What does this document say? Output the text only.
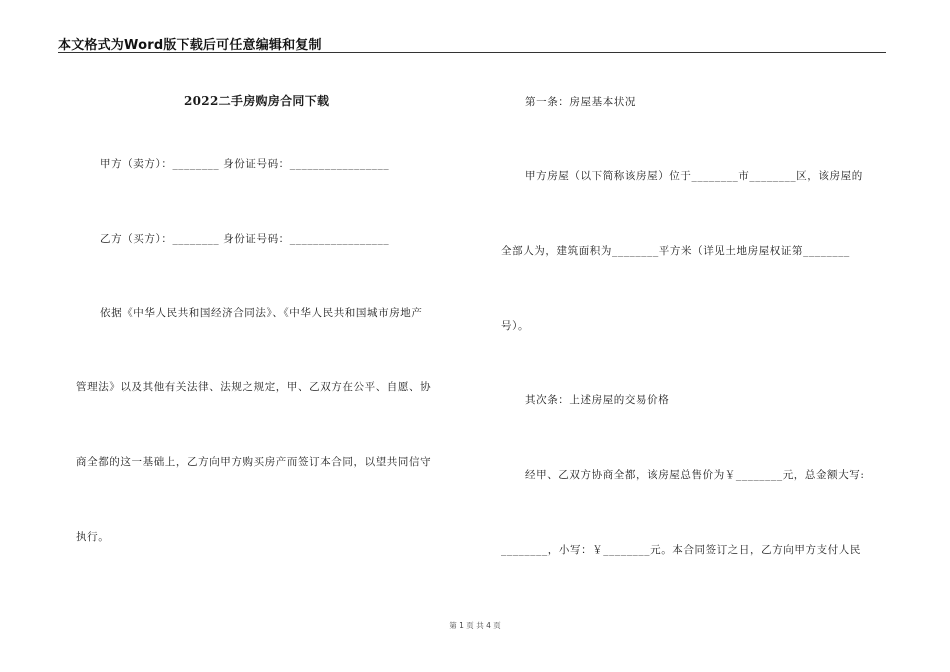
本文格式为Word版下载后可任意编辑和复制
2022二手房购房合同下载
甲方（卖方）：________ 身份证号码：_________________
乙方（买方）：________ 身份证号码：_________________
依据《中华人民共和国经济合同法》、《中华人民共和国城市房地产
管理法》以及其他有关法律、法规之规定，甲、乙双方在公平、自愿、协
商全都的这一基础上，乙方向甲方购买房产而签订本合同，以望共同信守
执行。
第一条：房屋基本状况
甲方房屋（以下简称该房屋）位于________市________区，该房屋的
全部人为，建筑面积为________平方米（详见土地房屋权证第________
号）。
其次条：上述房屋的交易价格
经甲、乙双方协商全都，该房屋总售价为￥________元，总金额大写:
________，小写：￥________元。本合同签订之日，乙方向甲方支付人民
第 1 页 共 4 页
